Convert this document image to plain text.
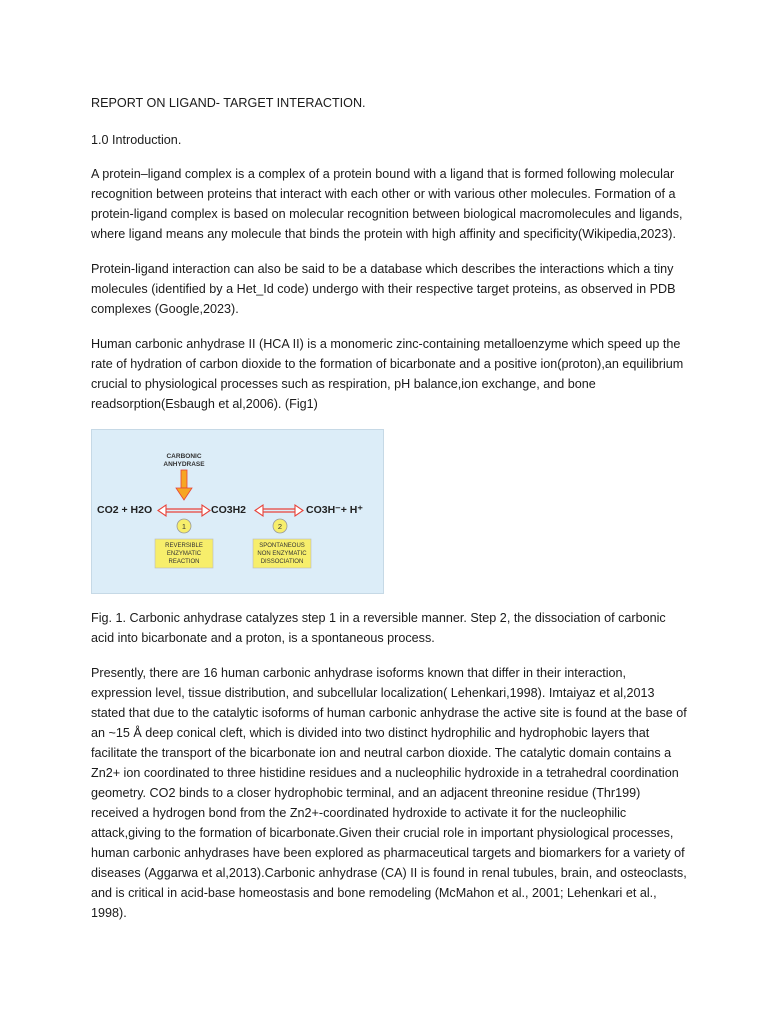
REPORT ON LIGAND- TARGET INTERACTION.

1.0 Introduction.

A protein–ligand complex is a complex of a protein bound with a ligand that is formed following molecular recognition between proteins that interact with each other or with various other molecules. Formation of a protein-ligand complex is based on molecular recognition between biological macromolecules and ligands, where ligand means any molecule that binds the protein with high affinity and specificity(Wikipedia,2023).

Protein-ligand interaction can also be said to be a database which describes the interactions which a tiny molecules (identified by a Het_Id code) undergo with their respective target proteins, as observed in PDB complexes (Google,2023).

Human carbonic anhydrase II (HCA II) is a monomeric zinc-containing metalloenzyme which speed up the rate of hydration of carbon dioxide to the formation of bicarbonate and a positive ion(proton),an equilibrium crucial to physiological processes such as respiration, pH balance,ion exchange, and bone readsorption(Esbaugh et al,2006). (Fig1)

CARBONIC
ANHYDRASE
CO2 + H2O	CO3H2	CO3H⁻+ H⁺
1	2
REVERSIBLE
ENZYMATIC
REACTION
SPONTANEOUS
NON ENZYMATIC
DISSOCIATION

Fig. 1. Carbonic anhydrase catalyzes step 1 in a reversible manner. Step 2, the dissociation of carbonic acid into bicarbonate and a proton, is a spontaneous process.

Presently, there are 16 human carbonic anhydrase isoforms known that differ in their interaction, expression level, tissue distribution, and subcellular localization( Lehenkari,1998). Imtaiyaz et al,2013 stated that due to the catalytic isoforms of human carbonic anhydrase the active site is found at the base of an ~15 Å deep conical cleft, which is divided into two distinct hydrophilic and hydrophobic layers that facilitate the transport of the bicarbonate ion and neutral carbon dioxide. The catalytic domain contains a Zn2+ ion coordinated to three histidine residues and a nucleophilic hydroxide in a tetrahedral coordination geometry. CO2 binds to a closer hydrophobic terminal, and an adjacent threonine residue (Thr199) received a hydrogen bond from the Zn2+-coordinated hydroxide to activate it for the nucleophilic attack,giving to the formation of bicarbonate.Given their crucial role in important physiological processes, human carbonic anhydrases have been explored as pharmaceutical targets and biomarkers for a variety of diseases (Aggarwa et al,2013).Carbonic anhydrase (CA) II is found in renal tubules, brain, and osteoclasts, and is critical in acid-base homeostasis and bone remodeling (McMahon et al., 2001; Lehenkari et al., 1998).
